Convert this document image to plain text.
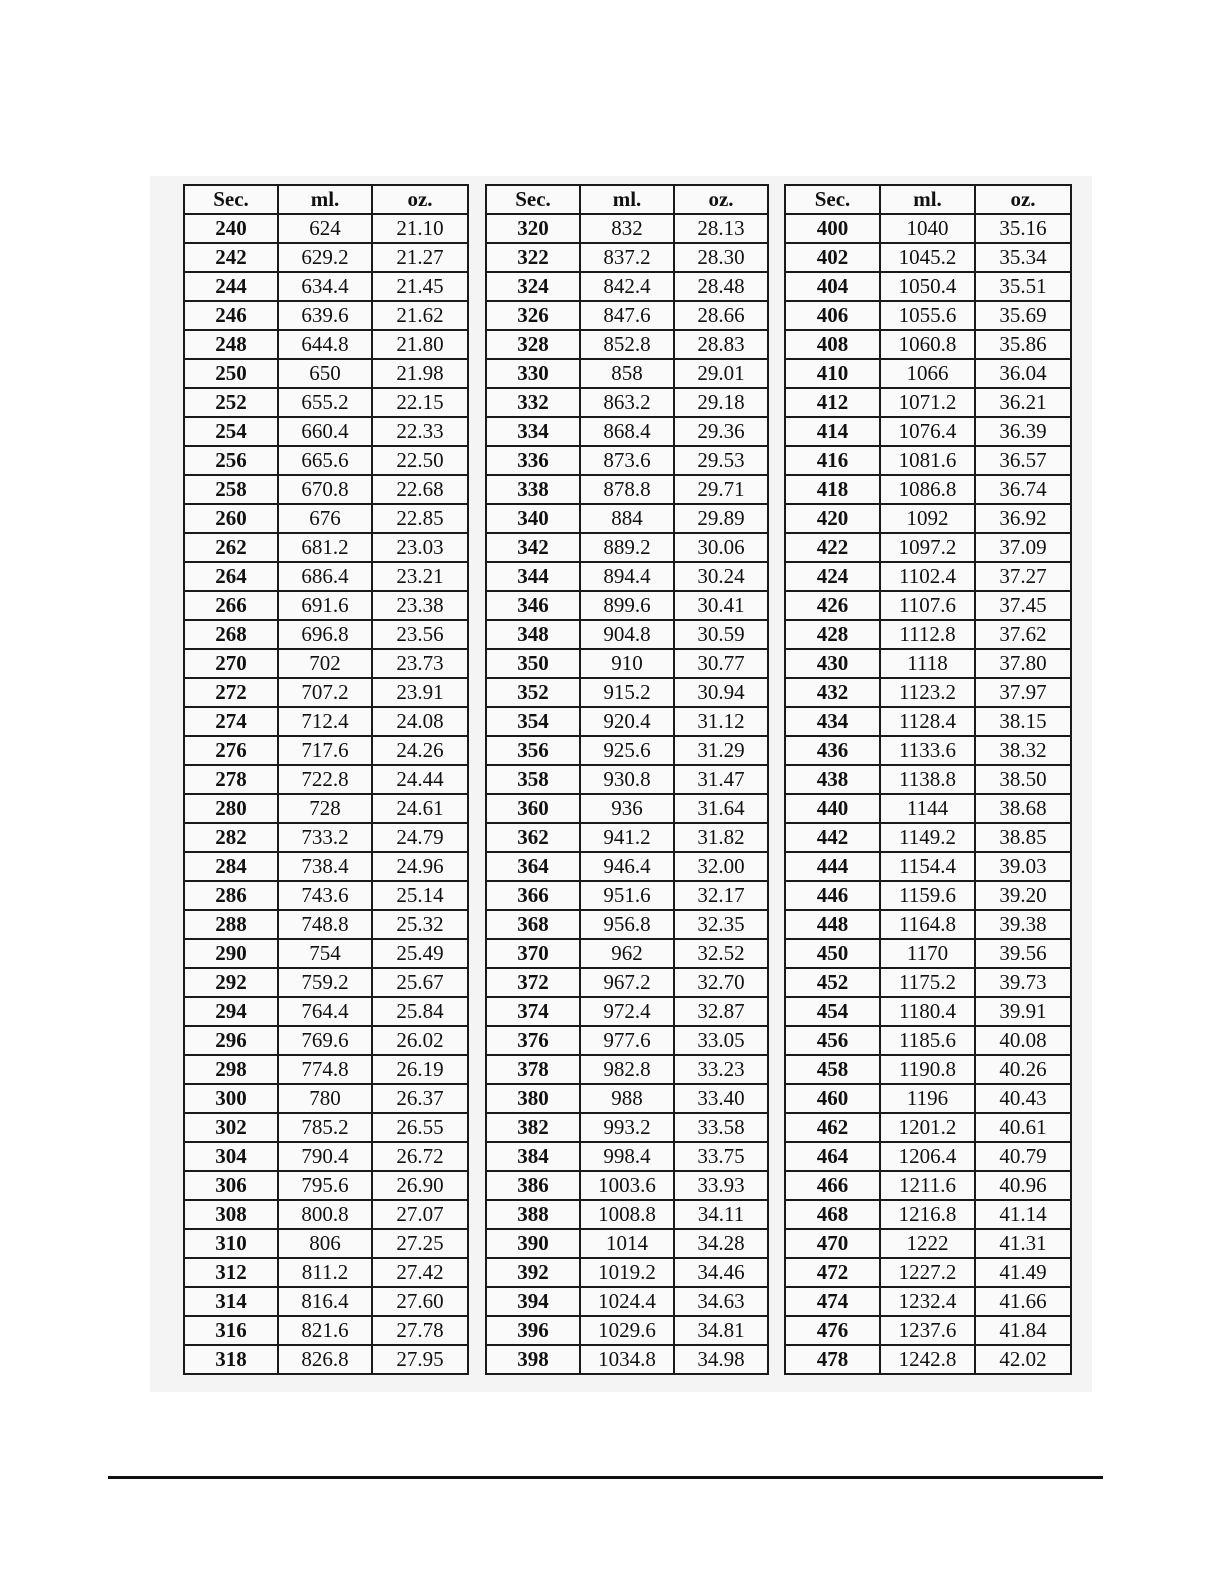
Sec.	ml.	oz.
240	624	21.10
242	629.2	21.27
244	634.4	21.45
246	639.6	21.62
248	644.8	21.80
250	650	21.98
252	655.2	22.15
254	660.4	22.33
256	665.6	22.50
258	670.8	22.68
260	676	22.85
262	681.2	23.03
264	686.4	23.21
266	691.6	23.38
268	696.8	23.56
270	702	23.73
272	707.2	23.91
274	712.4	24.08
276	717.6	24.26
278	722.8	24.44
280	728	24.61
282	733.2	24.79
284	738.4	24.96
286	743.6	25.14
288	748.8	25.32
290	754	25.49
292	759.2	25.67
294	764.4	25.84
296	769.6	26.02
298	774.8	26.19
300	780	26.37
302	785.2	26.55
304	790.4	26.72
306	795.6	26.90
308	800.8	27.07
310	806	27.25
312	811.2	27.42
314	816.4	27.60
316	821.6	27.78
318	826.8	27.95
Sec.	ml.	oz.
320	832	28.13
322	837.2	28.30
324	842.4	28.48
326	847.6	28.66
328	852.8	28.83
330	858	29.01
332	863.2	29.18
334	868.4	29.36
336	873.6	29.53
338	878.8	29.71
340	884	29.89
342	889.2	30.06
344	894.4	30.24
346	899.6	30.41
348	904.8	30.59
350	910	30.77
352	915.2	30.94
354	920.4	31.12
356	925.6	31.29
358	930.8	31.47
360	936	31.64
362	941.2	31.82
364	946.4	32.00
366	951.6	32.17
368	956.8	32.35
370	962	32.52
372	967.2	32.70
374	972.4	32.87
376	977.6	33.05
378	982.8	33.23
380	988	33.40
382	993.2	33.58
384	998.4	33.75
386	1003.6	33.93
388	1008.8	34.11
390	1014	34.28
392	1019.2	34.46
394	1024.4	34.63
396	1029.6	34.81
398	1034.8	34.98
Sec.	ml.	oz.
400	1040	35.16
402	1045.2	35.34
404	1050.4	35.51
406	1055.6	35.69
408	1060.8	35.86
410	1066	36.04
412	1071.2	36.21
414	1076.4	36.39
416	1081.6	36.57
418	1086.8	36.74
420	1092	36.92
422	1097.2	37.09
424	1102.4	37.27
426	1107.6	37.45
428	1112.8	37.62
430	1118	37.80
432	1123.2	37.97
434	1128.4	38.15
436	1133.6	38.32
438	1138.8	38.50
440	1144	38.68
442	1149.2	38.85
444	1154.4	39.03
446	1159.6	39.20
448	1164.8	39.38
450	1170	39.56
452	1175.2	39.73
454	1180.4	39.91
456	1185.6	40.08
458	1190.8	40.26
460	1196	40.43
462	1201.2	40.61
464	1206.4	40.79
466	1211.6	40.96
468	1216.8	41.14
470	1222	41.31
472	1227.2	41.49
474	1232.4	41.66
476	1237.6	41.84
478	1242.8	42.02
